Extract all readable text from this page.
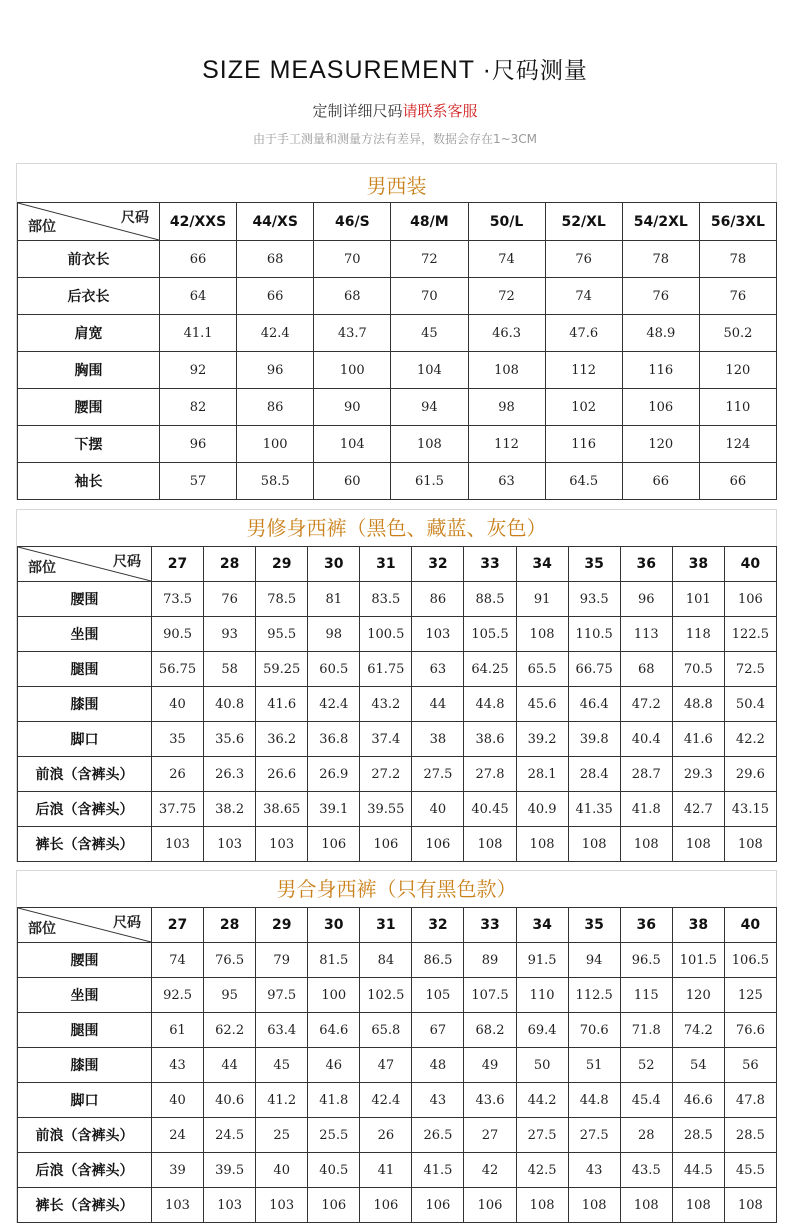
SIZE MEASUREMENT ·尺码测量
定制详细尺码请联系客服
由于手工测量和测量方法有差异，数据会存在1~3CM
男西装
尺码
部位	42/XXS	44/XS	46/S	48/M	50/L	52/XL	54/2XL	56/3XL
前衣长	66	68	70	72	74	76	78	78
后衣长	64	66	68	70	72	74	76	76
肩宽	41.1	42.4	43.7	45	46.3	47.6	48.9	50.2
胸围	92	96	100	104	108	112	116	120
腰围	82	86	90	94	98	102	106	110
下摆	96	100	104	108	112	116	120	124
袖长	57	58.5	60	61.5	63	64.5	66	66
男修身西裤（黑色、藏蓝、灰色）
尺码
部位	27	28	29	30	31	32	33	34	35	36	38	40
腰围	73.5	76	78.5	81	83.5	86	88.5	91	93.5	96	101	106
坐围	90.5	93	95.5	98	100.5	103	105.5	108	110.5	113	118	122.5
腿围	56.75	58	59.25	60.5	61.75	63	64.25	65.5	66.75	68	70.5	72.5
膝围	40	40.8	41.6	42.4	43.2	44	44.8	45.6	46.4	47.2	48.8	50.4
脚口	35	35.6	36.2	36.8	37.4	38	38.6	39.2	39.8	40.4	41.6	42.2
前浪（含裤头）	26	26.3	26.6	26.9	27.2	27.5	27.8	28.1	28.4	28.7	29.3	29.6
后浪（含裤头）	37.75	38.2	38.65	39.1	39.55	40	40.45	40.9	41.35	41.8	42.7	43.15
裤长（含裤头）	103	103	103	106	106	106	108	108	108	108	108	108
男合身西裤（只有黑色款）
尺码
部位	27	28	29	30	31	32	33	34	35	36	38	40
腰围	74	76.5	79	81.5	84	86.5	89	91.5	94	96.5	101.5	106.5
坐围	92.5	95	97.5	100	102.5	105	107.5	110	112.5	115	120	125
腿围	61	62.2	63.4	64.6	65.8	67	68.2	69.4	70.6	71.8	74.2	76.6
膝围	43	44	45	46	47	48	49	50	51	52	54	56
脚口	40	40.6	41.2	41.8	42.4	43	43.6	44.2	44.8	45.4	46.6	47.8
前浪（含裤头）	24	24.5	25	25.5	26	26.5	27	27.5	27.5	28	28.5	28.5
后浪（含裤头）	39	39.5	40	40.5	41	41.5	42	42.5	43	43.5	44.5	45.5
裤长（含裤头）	103	103	103	106	106	106	106	108	108	108	108	108
